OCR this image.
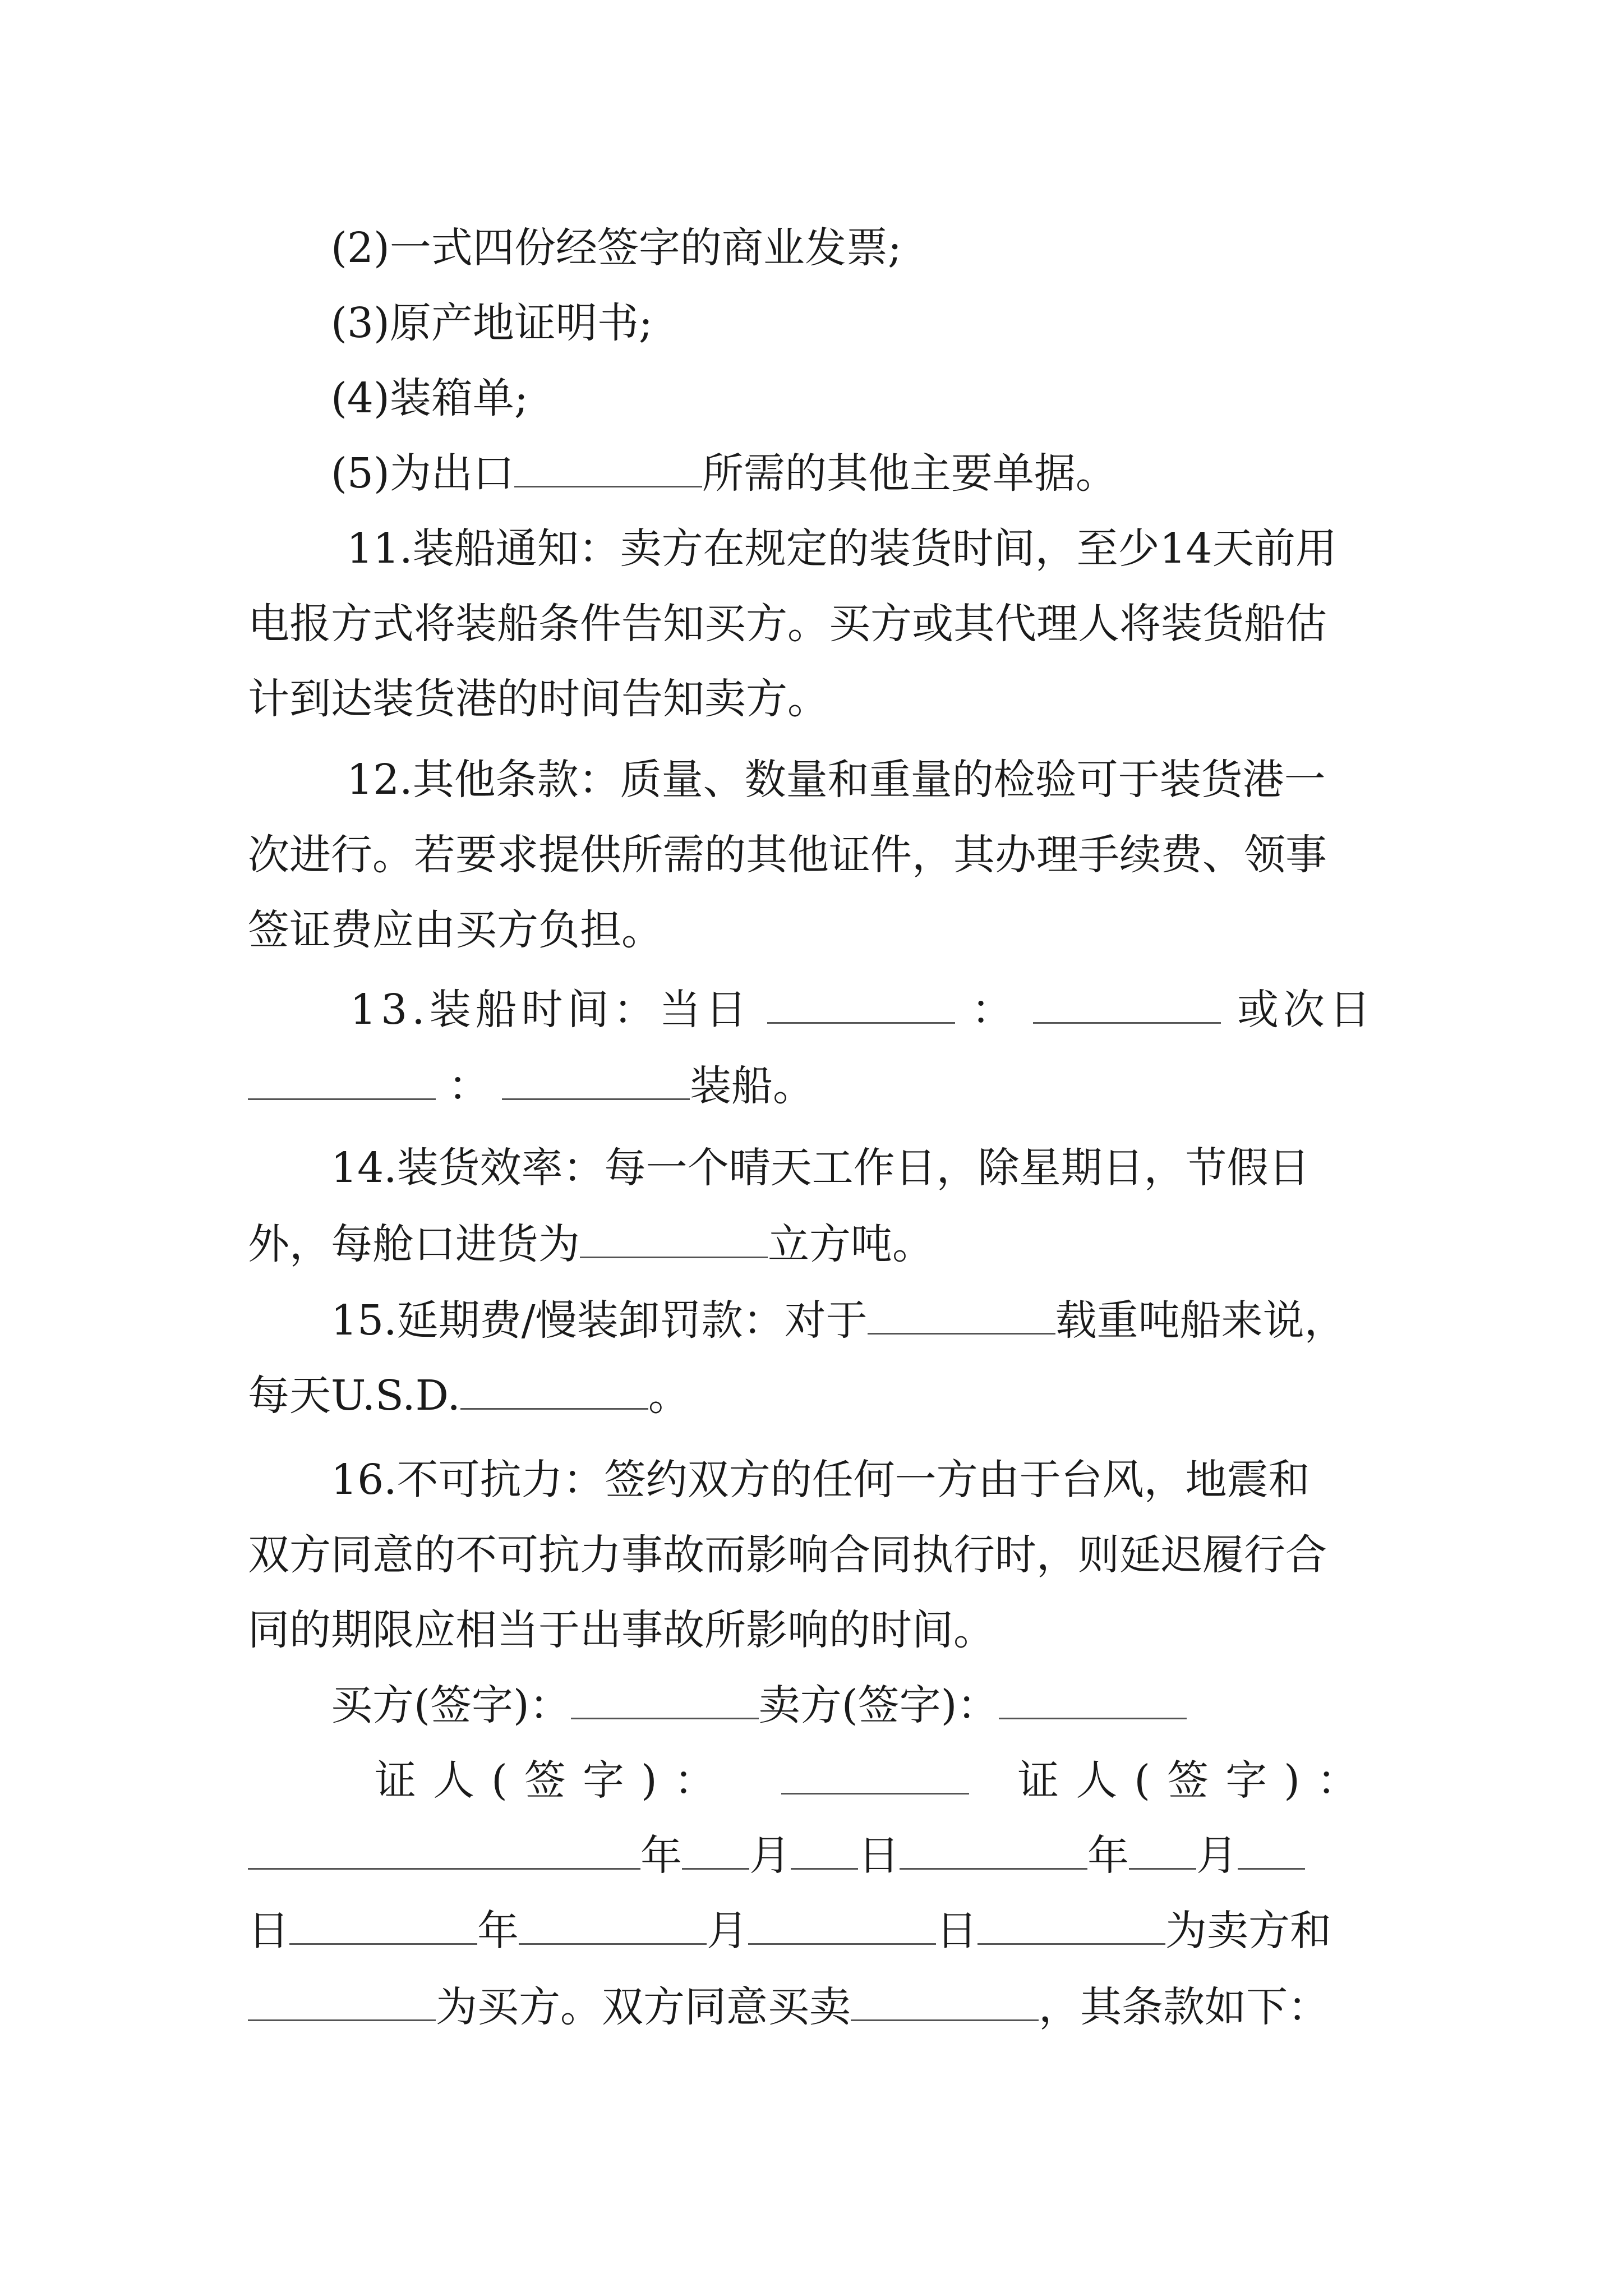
(2)一式四份经签字的商业发票;
(3)原产地证明书;
(4)装箱单;
(5)为出口	所需的其他主要单据。
11.装船通知：卖方在规定的装货时间，至少14天前用
电报方式将装船条件告知买方。买方或其代理人将装货船估
计到达装货港的时间告知卖方。
12.其他条款：质量、数量和重量的检验可于装货港一
次进行。若要求提供所需的其他证件，其办理手续费、领事
签证费应由买方负担。
13.装船时间：当日	：	或次日
：	装船。
14.装货效率：每一个晴天工作日，除星期日，节假日
外，每舱口进货为	立方吨。
15.延期费/慢装卸罚款：对于	载重吨船来说，
每天U.S.D.	。
16.不可抗力：签约双方的任何一方由于台风，地震和
双方同意的不可抗力事故而影响合同执行时，则延迟履行合
同的期限应相当于出事故所影响的时间。
买方(签字)：	卖方(签字)：
证人(签字)：	证人(签字)：
年 月 日	年 月
日	年	月	日	为卖方和
为买方。双方同意买卖	，其条款如下：
